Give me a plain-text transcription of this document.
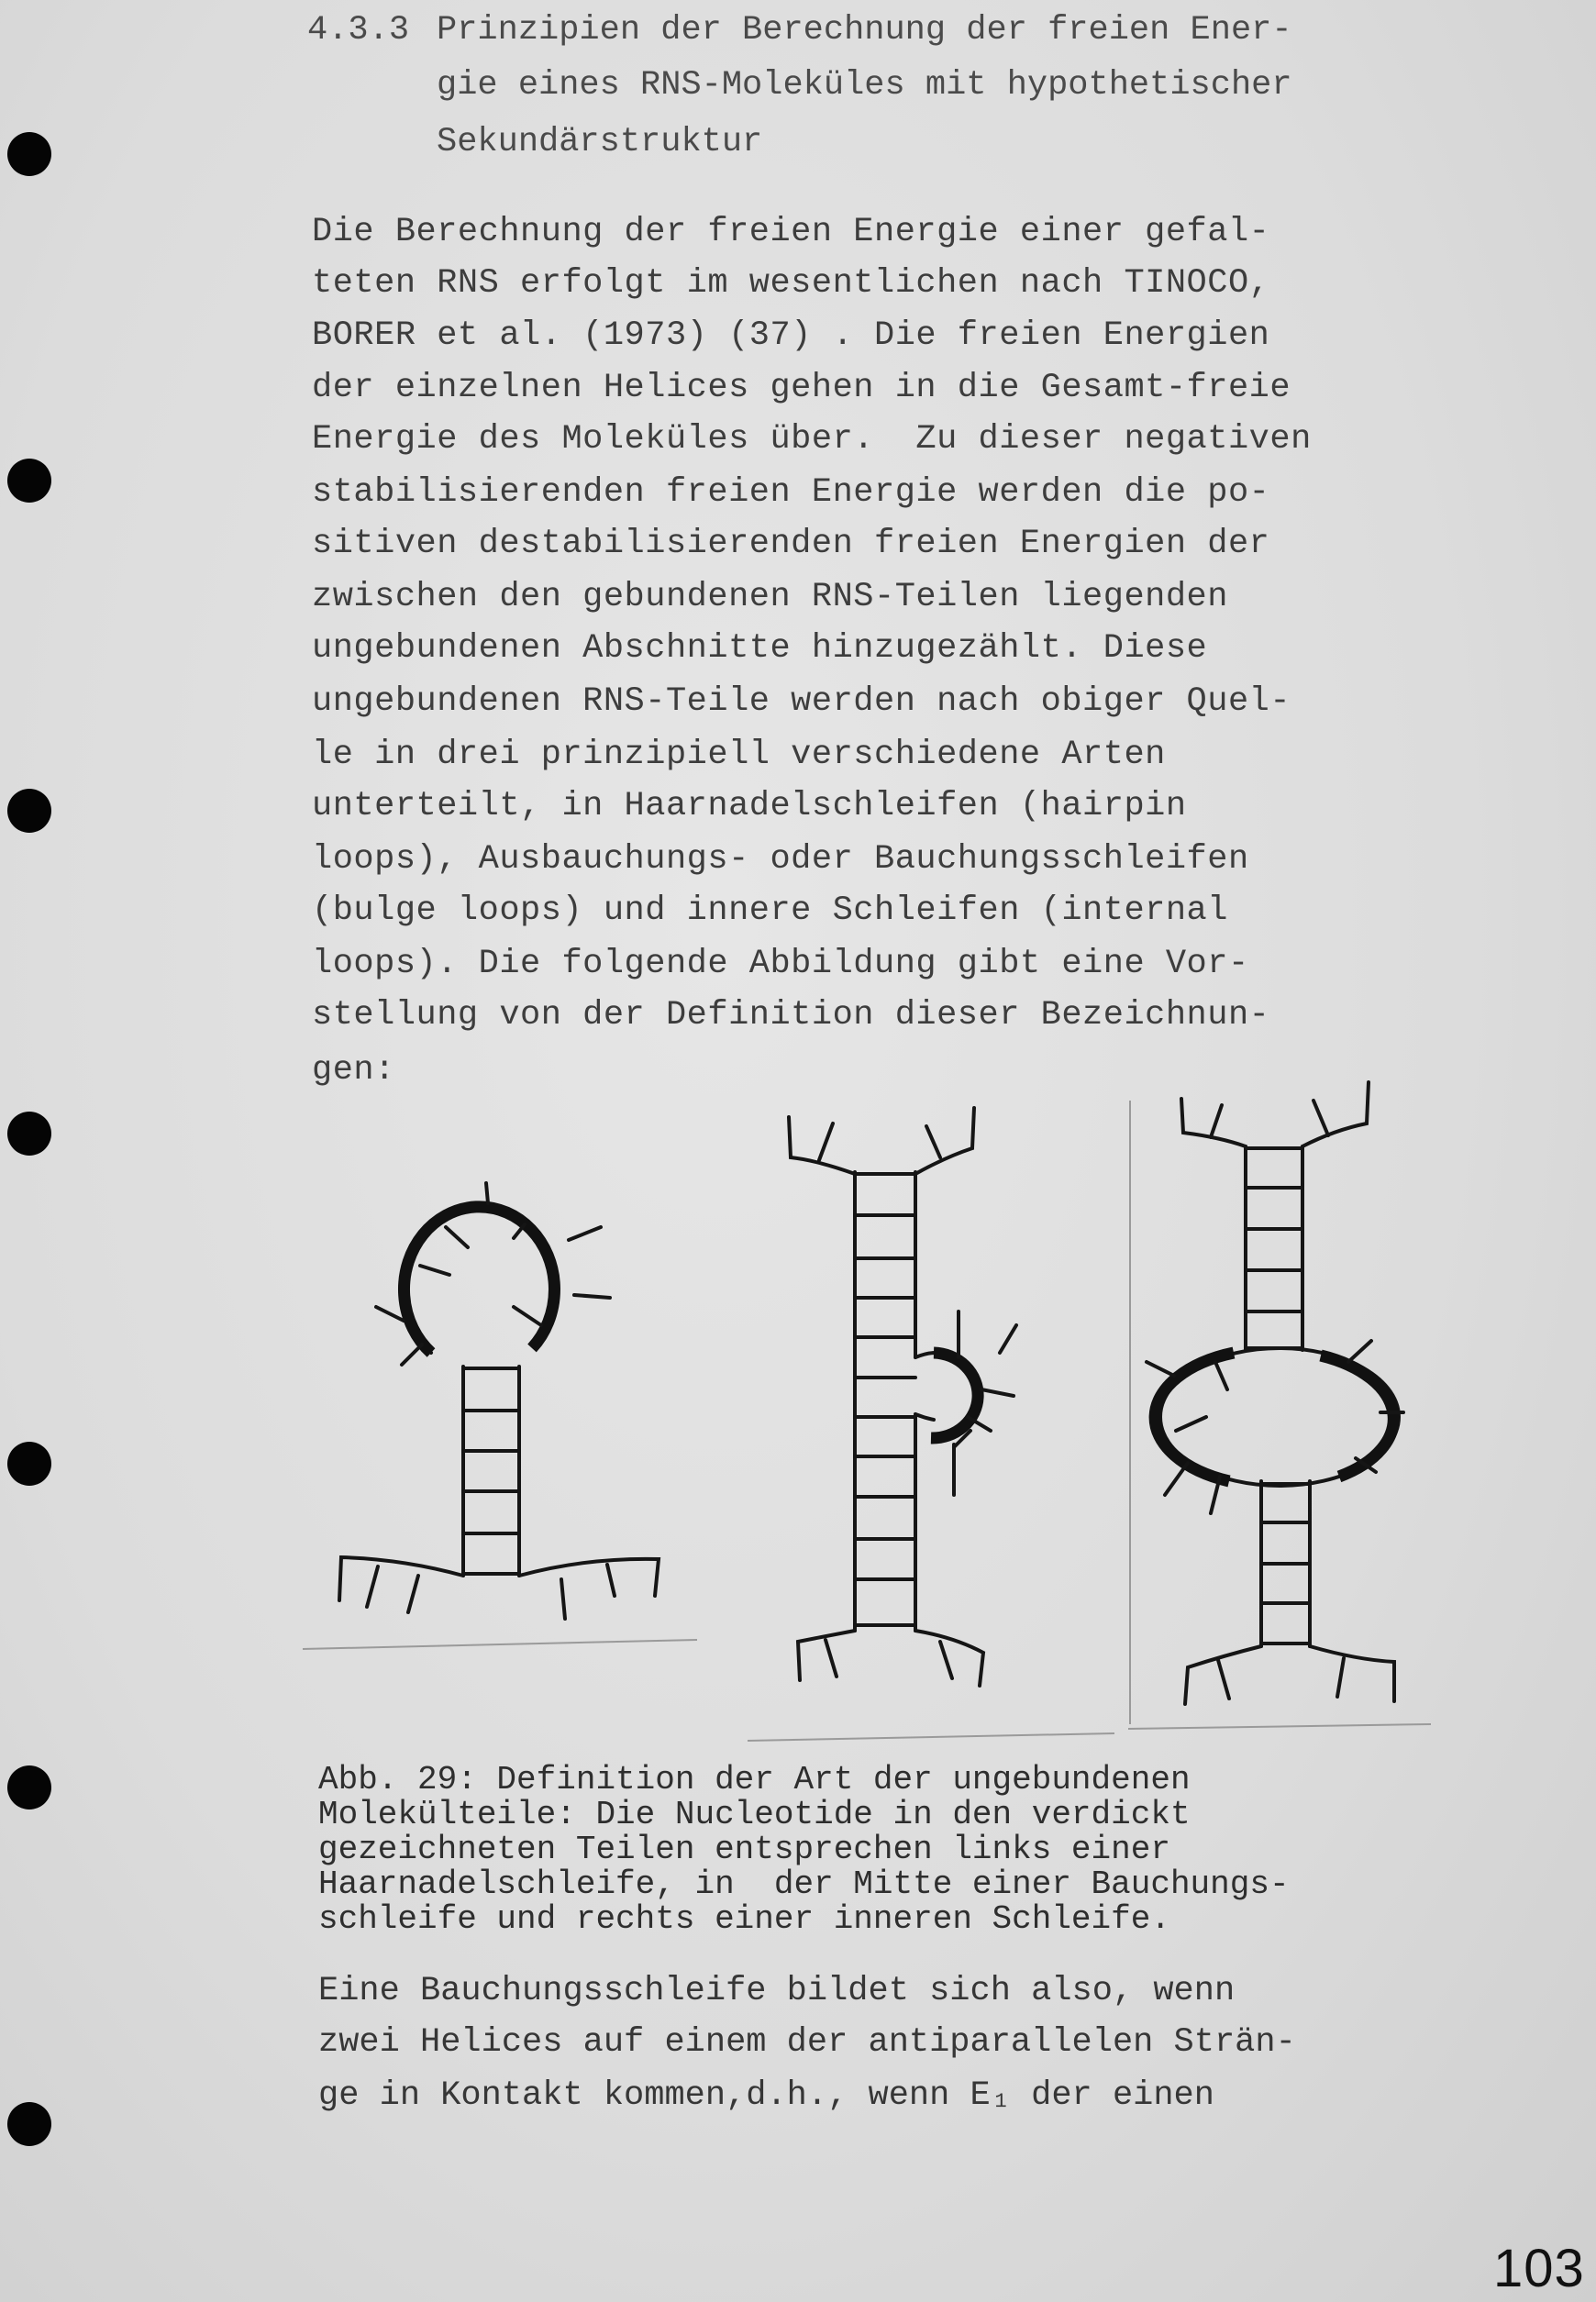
4.3.3 Prinzipien der Berechnung der freien Ener-
gie eines RNS-Moleküles mit hypothetischer
Sekundärstruktur
Die Berechnung der freien Energie einer gefal-
teten RNS erfolgt im wesentlichen nach TINOCO,
BORER et al. (1973) (37) . Die freien Energien
der einzelnen Helices gehen in die Gesamt-freie
Energie des Moleküles über.  Zu dieser negativen
stabilisierenden freien Energie werden die po-
sitiven destabilisierenden freien Energien der
zwischen den gebundenen RNS-Teilen liegenden
ungebundenen Abschnitte hinzugezählt. Diese
ungebundenen RNS-Teile werden nach obiger Quel-
le in drei prinzipiell verschiedene Arten
unterteilt, in Haarnadelschleifen (hairpin
loops), Ausbauchungs- oder Bauchungsschleifen
(bulge loops) und innere Schleifen (internal
loops). Die folgende Abbildung gibt eine Vor-
stellung von der Definition dieser Bezeichnun-
gen:
Abb. 29: Definition der Art der ungebundenen
Molekülteile: Die Nucleotide in den verdickt
gezeichneten Teilen entsprechen links einer
Haarnadelschleife, in  der Mitte einer Bauchungs-
schleife und rechts einer inneren Schleife.
Eine Bauchungsschleife bildet sich also, wenn
zwei Helices auf einem der antiparallelen Strän-
ge in Kontakt kommen,d.h., wenn E₁ der einen
103
